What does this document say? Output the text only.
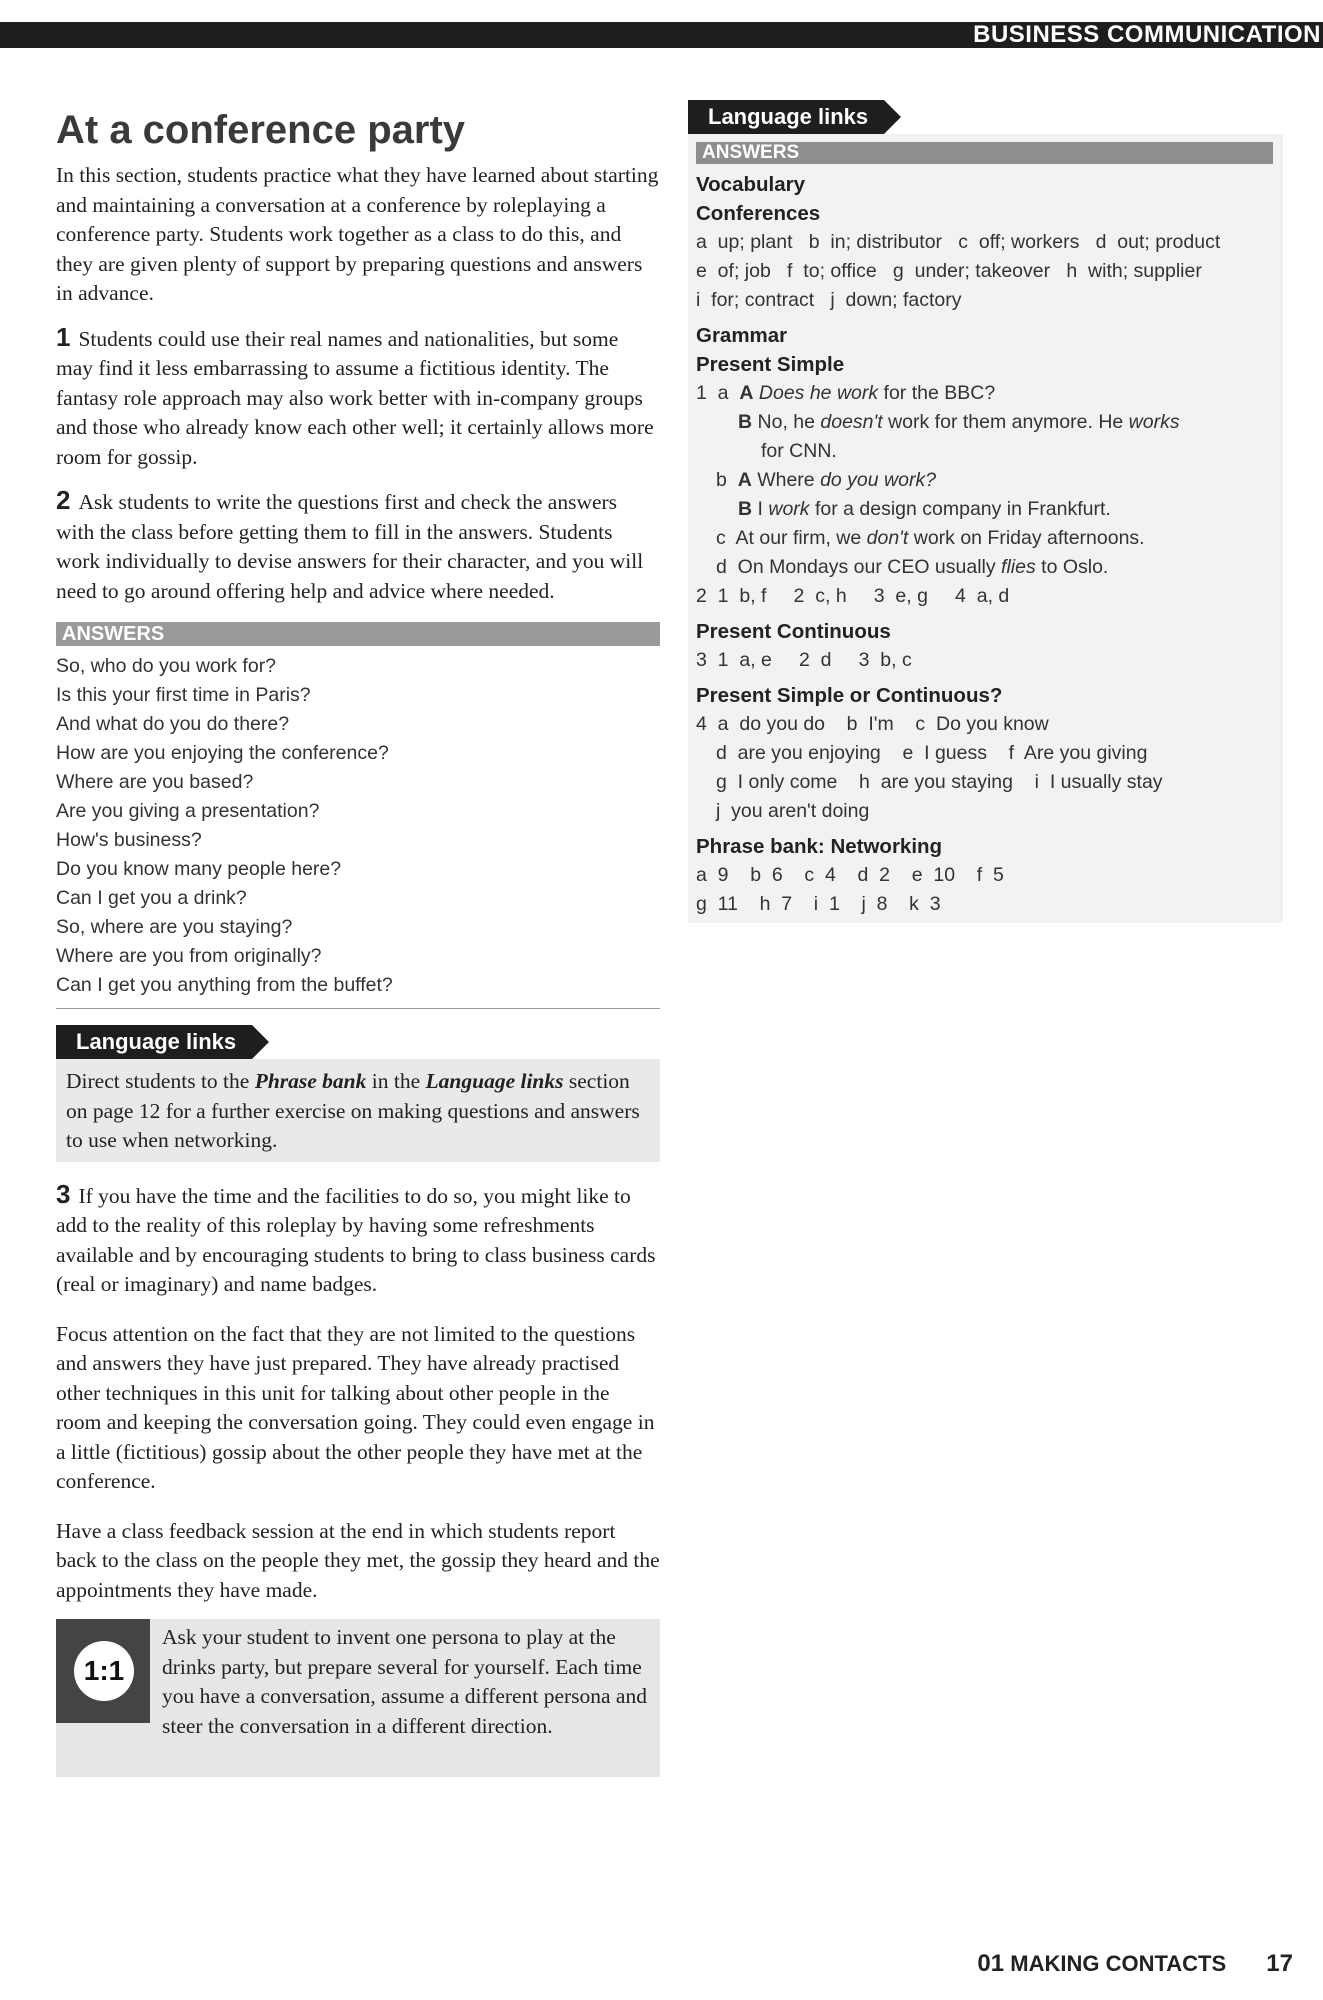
BUSINESS COMMUNICATION
At a conference party

In this section, students practice what they have learned about starting and maintaining a conversation at a conference by roleplaying a conference party. Students work together as a class to do this, and they are given plenty of support by preparing questions and answers in advance.

1 Students could use their real names and nationalities, but some may find it less embarrassing to assume a fictitious identity. The fantasy role approach may also work better with in-company groups and those who already know each other well; it certainly allows more room for gossip.

2 Ask students to write the questions first and check the answers with the class before getting them to fill in the answers. Students work individually to devise answers for their character, and you will need to go around offering help and advice where needed.

ANSWERS
So, who do you work for?
Is this your first time in Paris?
And what do you do there?
How are you enjoying the conference?
Where are you based?
Are you giving a presentation?
How's business?
Do you know many people here?
Can I get you a drink?
So, where are you staying?
Where are you from originally?
Can I get you anything from the buffet?
Language links
Direct students to the Phrase bank in the Language links section on page 12 for a further exercise on making questions and answers to use when networking.

3 If you have the time and the facilities to do so, you might like to add to the reality of this roleplay by having some refreshments available and by encouraging students to bring to class business cards (real or imaginary) and name badges.

Focus attention on the fact that they are not limited to the questions and answers they have just prepared. They have already practised other techniques in this unit for talking about other people in the room and keeping the conversation going. They could even engage in a little (fictitious) gossip about the other people they have met at the conference.

Have a class feedback session at the end in which students report back to the class on the people they met, the gossip they heard and the appointments they have made.

1:1
Ask your student to invent one persona to play at the drinks party, but prepare several for yourself. Each time you have a conversation, assume a different persona and steer the conversation in a different direction.
Language links
ANSWERS
Vocabulary
Conferences
a  up; plant   b  in; distributor   c  off; workers   d  out; product
e  of; job   f  to; office   g  under; takeover   h  with; supplier
i  for; contract   j  down; factory
Grammar
Present Simple
1  a  A Does he work for the BBC?
B No, he doesn't work for them anymore. He works
for CNN.
b  A Where do you work?
B I work for a design company in Frankfurt.
c  At our firm, we don't work on Friday afternoons.
d  On Mondays our CEO usually flies to Oslo.
2  1  b, f     2  c, h     3  e, g     4  a, d
Present Continuous
3  1  a, e     2  d     3  b, c
Present Simple or Continuous?
4  a  do you do    b  I'm    c  Do you know
d  are you enjoying    e  I guess    f  Are you giving
g  I only come    h  are you staying    i  I usually stay
j  you aren't doing
Phrase bank: Networking
a  9    b  6    c  4    d  2    e  10    f  5
g  11    h  7    i  1    j  8    k  3
01 MAKING CONTACTS 17
